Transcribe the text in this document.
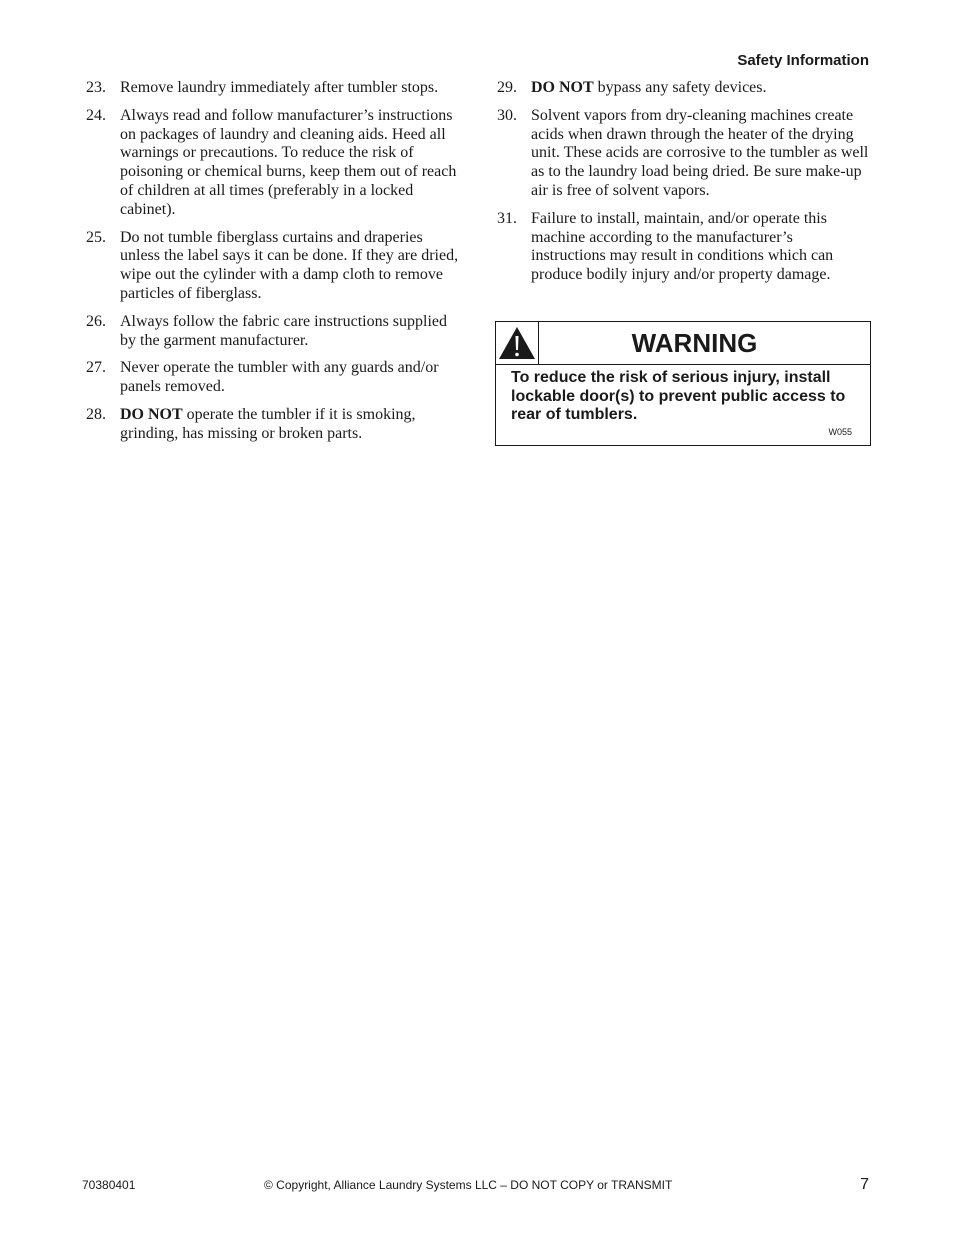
Safety Information
23. Remove laundry immediately after tumbler stops.
24. Always read and follow manufacturer’s instructions on packages of laundry and cleaning aids. Heed all warnings or precautions. To reduce the risk of poisoning or chemical burns, keep them out of reach of children at all times (preferably in a locked cabinet).
25. Do not tumble fiberglass curtains and draperies unless the label says it can be done. If they are dried, wipe out the cylinder with a damp cloth to remove particles of fiberglass.
26. Always follow the fabric care instructions supplied by the garment manufacturer.
27. Never operate the tumbler with any guards and/or panels removed.
28. DO NOT operate the tumbler if it is smoking, grinding, has missing or broken parts.
29. DO NOT bypass any safety devices.
30. Solvent vapors from dry-cleaning machines create acids when drawn through the heater of the drying unit. These acids are corrosive to the tumbler as well as to the laundry load being dried. Be sure make-up air is free of solvent vapors.
31. Failure to install, maintain, and/or operate this machine according to the manufacturer’s instructions may result in conditions which can produce bodily injury and/or property damage.
WARNING
To reduce the risk of serious injury, install lockable door(s) to prevent public access to rear of tumblers.
W055
70380401	© Copyright, Alliance Laundry Systems LLC – DO NOT COPY or TRANSMIT	7
